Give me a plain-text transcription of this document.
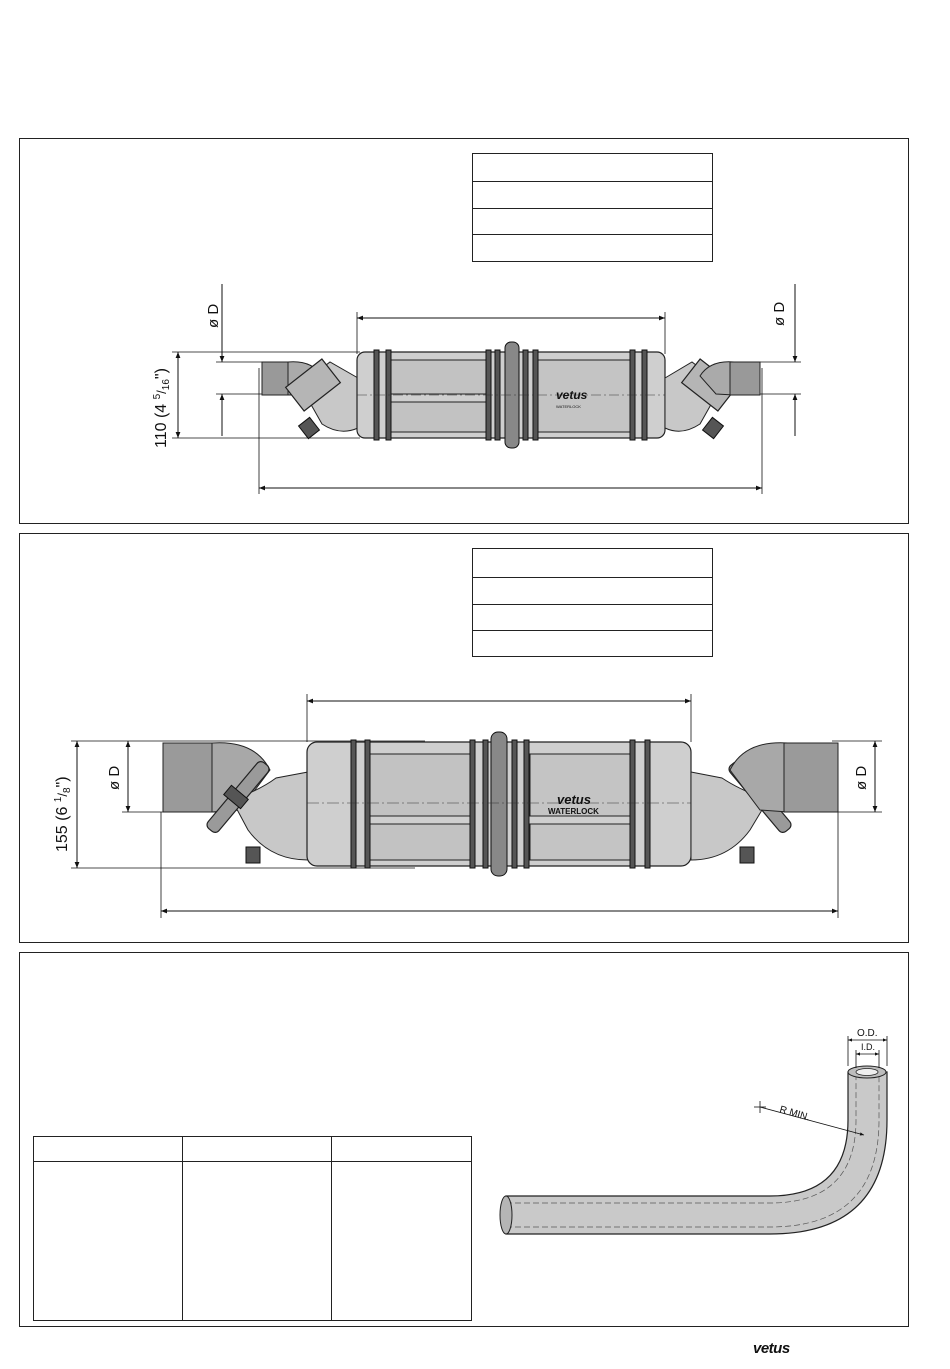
vetus
WATERLOCK
ø D	ø D
110 (4 $^5_/$16")
vetus
WATERLOCK
ø D	ø D
155 (6 $^1_/$8")
O.D.
I.D.
R MIN.
vetus
